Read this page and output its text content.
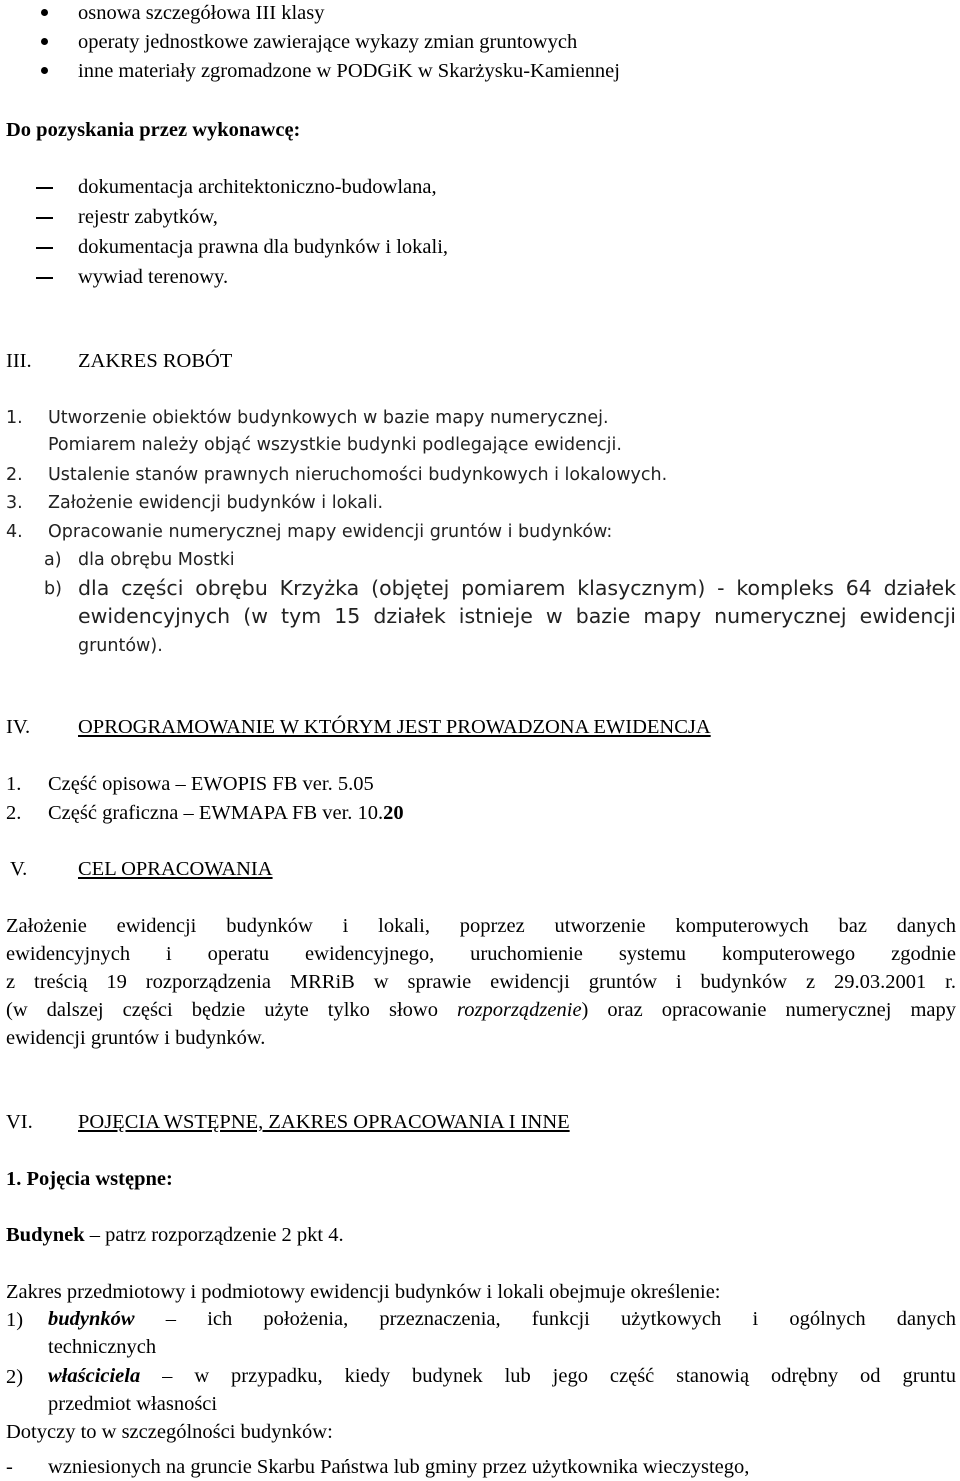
osnowa szczegółowa III klasy
operaty jednostkowe zawierające wykazy zmian gruntowych
inne materiały zgromadzone w PODGiK w Skarżysku-Kamiennej
Do pozyskania przez wykonawcę:
dokumentacja architektoniczno-budowlana,
rejestr zabytków,
dokumentacja prawna dla budynków i lokali,
wywiad terenowy.
III. ZAKRES ROBÓT
1. Utworzenie obiektów budynkowych w bazie mapy numerycznej.
Pomiarem należy objąć wszystkie budynki podlegające ewidencji.
2. Ustalenie stanów prawnych nieruchomości budynkowych i lokalowych.
3. Założenie ewidencji budynków i lokali.
4. Opracowanie numerycznej mapy ewidencji gruntów i budynków:
a) dla obrębu Mostki
b) dla części obrębu Krzyżka (objętej pomiarem klasycznym) - kompleks 64 działek
ewidencyjnych (w tym 15 działek istnieje w bazie mapy numerycznej ewidencji
gruntów).
IV. OPROGRAMOWANIE W KTÓRYM JEST PROWADZONA EWIDENCJA
1. Część opisowa – EWOPIS FB ver. 5.05
2. Część graficzna – EWMAPA FB ver. 10.20
V. CEL OPRACOWANIA
Założenie ewidencji budynków i lokali, poprzez utworzenie komputerowych baz danych
ewidencyjnych i operatu ewidencyjnego, uruchomienie systemu komputerowego zgodnie
z treścią 19 rozporządzenia MRRiB w sprawie ewidencji gruntów i budynków z 29.03.2001 r.
(w dalszej części będzie użyte tylko słowo rozporządzenie) oraz opracowanie numerycznej mapy
ewidencji gruntów i budynków.
VI. POJĘCIA WSTĘPNE, ZAKRES OPRACOWANIA I INNE
1. Pojęcia wstępne:
Budynek – patrz rozporządzenie 2 pkt 4.
Zakres przedmiotowy i podmiotowy ewidencji budynków i lokali obejmuje określenie:
1) budynków – ich położenia, przeznaczenia, funkcji użytkowych i ogólnych danych
technicznych
2) właściciela – w przypadku, kiedy budynek lub jego część stanowią odrębny od gruntu
przedmiot własności
Dotyczy to w szczególności budynków:
- wzniesionych na gruncie Skarbu Państwa lub gminy przez użytkownika wieczystego,
